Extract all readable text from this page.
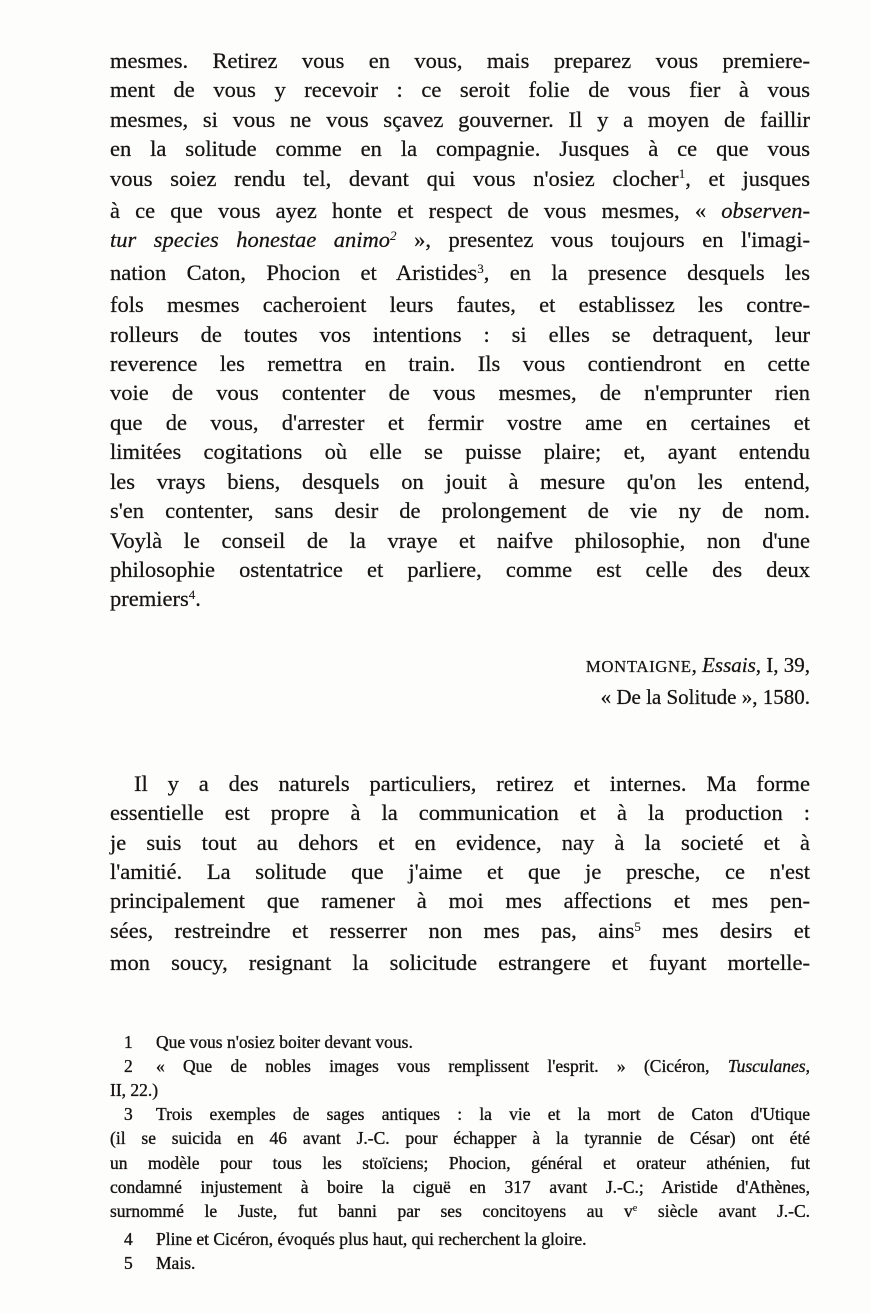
mesmes. Retirez vous en vous, mais preparez vous premiere-
ment de vous y recevoir : ce seroit folie de vous fier à vous
mesmes, si vous ne vous sçavez gouverner. Il y a moyen de faillir
en la solitude comme en la compagnie. Jusques à ce que vous
vous soiez rendu tel, devant qui vous n'osiez clocher$^1$, et jusques
à ce que vous ayez honte et respect de vous mesmes, « observen-
tur species honestae animo$^2$ », presentez vous toujours en l'imagi-
nation Caton, Phocion et Aristides$^3$, en la presence desquels les
fols mesmes cacheroient leurs fautes, et establissez les contre-
rolleurs de toutes vos intentions : si elles se detraquent, leur
reverence les remettra en train. Ils vous contiendront en cette
voie de vous contenter de vous mesmes, de n'emprunter rien
que de vous, d'arrester et fermir vostre ame en certaines et
limitées cogitations où elle se puisse plaire; et, ayant entendu
les vrays biens, desquels on jouit à mesure qu'on les entend,
s'en contenter, sans desir de prolongement de vie ny de nom.
Voylà le conseil de la vraye et naifve philosophie, non d'une
philosophie ostentatrice et parliere, comme est celle des deux
premiers$^4$.
MONTAIGNE, Essais, I, 39,
« De la Solitude », 1580.
Il y a des naturels particuliers, retirez et internes. Ma forme
essentielle est propre à la communication et à la production :
je suis tout au dehors et en evidence, nay à la societé et à
l'amitié. La solitude que j'aime et que je presche, ce n'est
principalement que ramener à moi mes affections et mes pen-
sées, restreindre et resserrer non mes pas, ains$^5$ mes desirs et
mon soucy, resignant la solicitude estrangere et fuyant mortelle-
1 Que vous n'osiez boiter devant vous.
2 « Que de nobles images vous remplissent l'esprit. » (Cicéron, Tusculanes,
II, 22.)
3 Trois exemples de sages antiques : la vie et la mort de Caton d'Utique
(il se suicida en 46 avant J.-C. pour échapper à la tyrannie de César) ont été
un modèle pour tous les stoïciens; Phocion, général et orateur athénien, fut
condamné injustement à boire la ciguë en 317 avant J.-C.; Aristide d'Athènes,
surnommé le Juste, fut banni par ses concitoyens au $v^e$ siècle avant J.-C.
4 Pline et Cicéron, évoqués plus haut, qui recherchent la gloire.
5 Mais.
